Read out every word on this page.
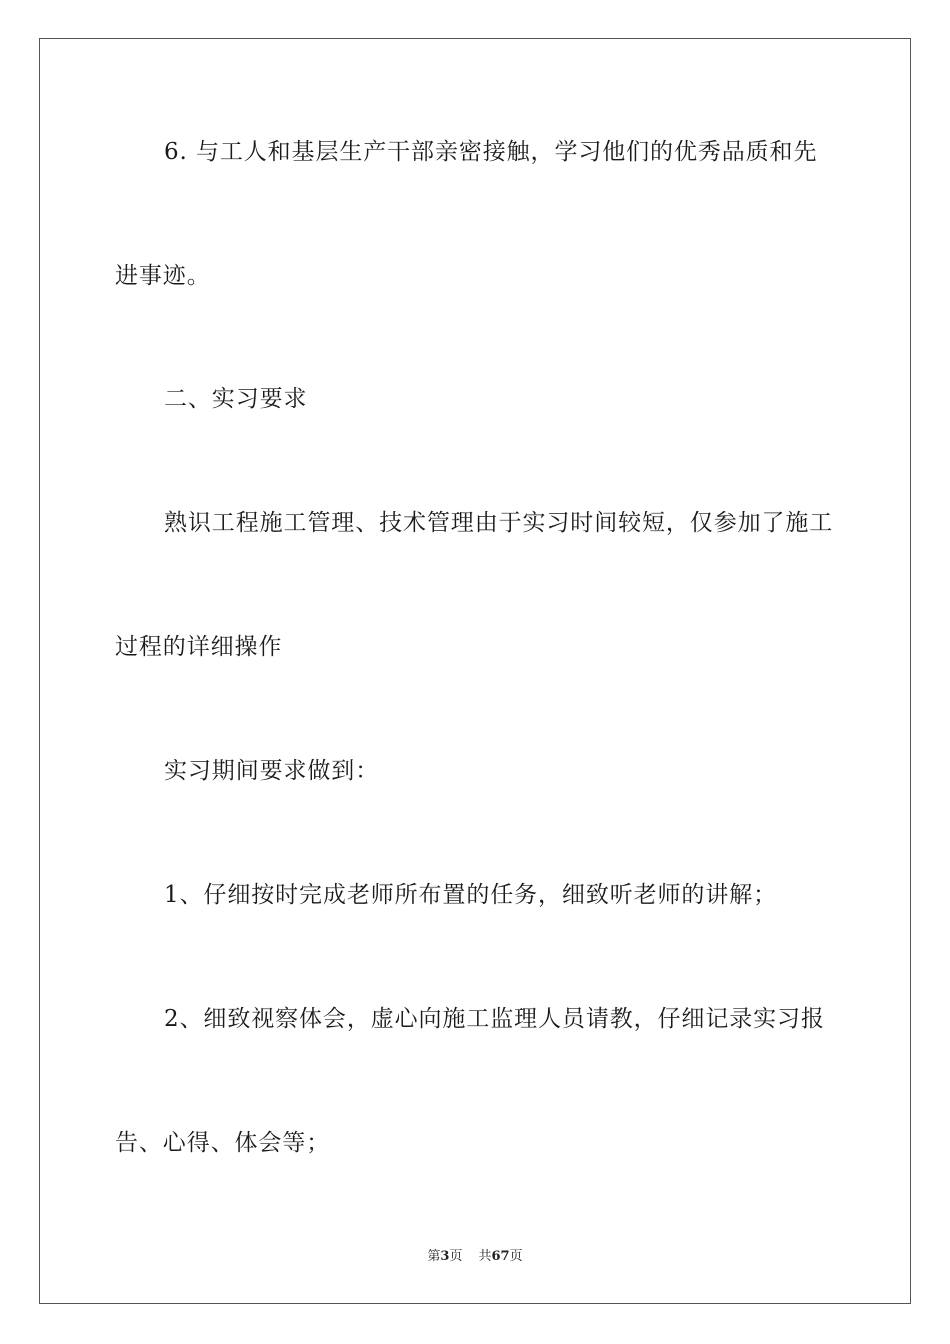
6. 与工人和基层生产干部亲密接触，学习他们的优秀品质和先
进事迹。
二、实习要求
熟识工程施工管理、技术管理由于实习时间较短，仅参加了施工
过程的详细操作
实习期间要求做到：
1、仔细按时完成老师所布置的任务，细致听老师的讲解；
2、细致视察体会，虚心向施工监理人员请教，仔细记录实习报
告、心得、体会等；
第3页 共67页
